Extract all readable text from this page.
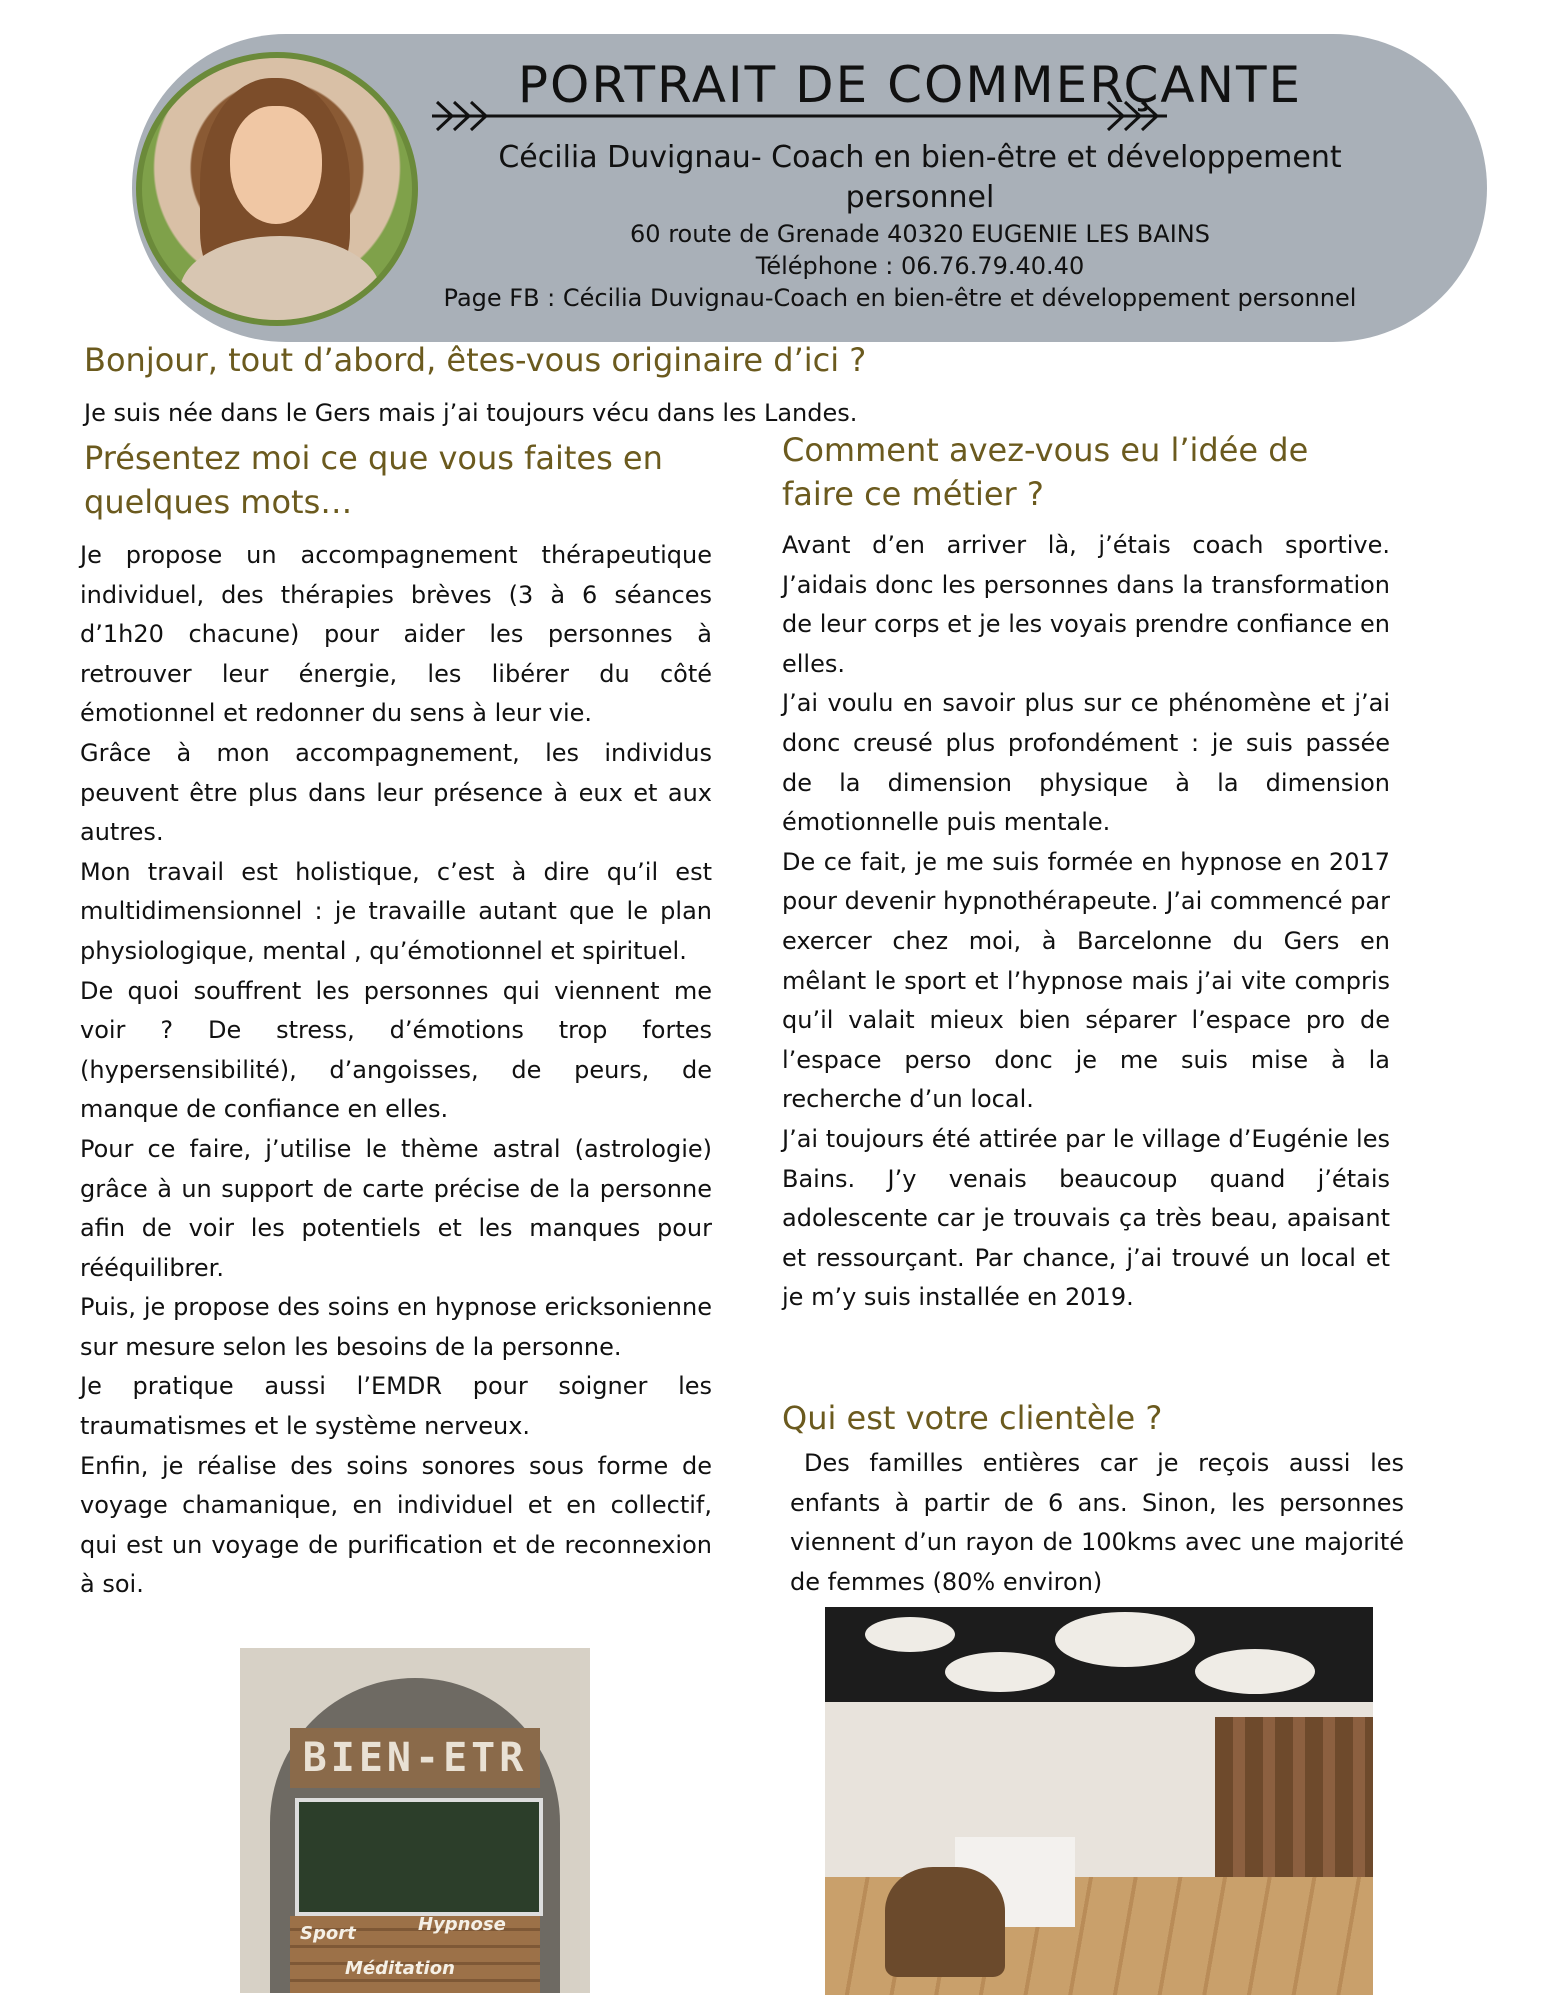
PORTRAIT DE COMMERÇANTE
Cécilia Duvignau- Coach en bien-être et développement personnel
60 route de Grenade 40320 EUGENIE LES BAINS
Téléphone : 06.76.79.40.40
Page FB : Cécilia Duvignau-Coach en bien-être et développement personnel
Bonjour, tout d’abord, êtes-vous originaire d’ici ?
Je suis née dans le Gers mais j’ai toujours vécu dans les Landes.
Présentez moi ce que vous faites en quelques mots…

Je propose un accompagnement thérapeutique individuel, des thérapies brèves (3 à 6 séances d’1h20 chacune) pour aider les personnes à retrouver leur énergie, les libérer du côté émotionnel et redonner du sens à leur vie.

Grâce à mon accompagnement, les individus peuvent être plus dans leur présence à eux et aux autres.

Mon travail est holistique, c’est à dire qu’il est multidimensionnel : je travaille autant que le plan physiologique, mental , qu’émotionnel et spirituel.

De quoi souffrent les personnes qui viennent me voir ? De stress, d’émotions trop fortes (hypersensibilité), d’angoisses, de peurs, de manque de confiance en elles.

Pour ce faire, j’utilise le thème astral (astrologie) grâce à un support de carte précise de la personne afin de voir les potentiels et les manques pour rééquilibrer.

Puis, je propose des soins en hypnose ericksonienne sur mesure selon les besoins de la personne.

Je pratique aussi l’EMDR pour soigner les traumatismes et le système nerveux.

Enfin, je réalise des soins sonores sous forme de voyage chamanique, en individuel et en collectif, qui est un voyage de purification et de reconnexion à soi.

Comment avez-vous eu l’idée de faire ce métier ?

Avant d’en arriver là, j’étais coach sportive. J’aidais donc les personnes dans la transformation de leur corps et je les voyais prendre confiance en elles.

J’ai voulu en savoir plus sur ce phénomène et j’ai donc creusé plus profondément : je suis passée de la dimension physique à la dimension émotionnelle puis mentale.

De ce fait, je me suis formée en hypnose en 2017 pour devenir hypnothérapeute. J’ai commencé par exercer chez moi, à Barcelonne du Gers en mêlant le sport et l’hypnose mais j’ai vite compris qu’il valait mieux bien séparer l’espace pro de l’espace perso donc je me suis mise à la recherche d’un local.

J’ai toujours été attirée par le village d’Eugénie les Bains. J’y venais beaucoup quand j’étais adolescente car je trouvais ça très beau, apaisant et ressourçant. Par chance, j’ai trouvé un local et je m’y suis installée en 2019.

Qui est votre clientèle ?
Des familles entières car je reçois aussi les enfants à partir de 6 ans. Sinon, les personnes viennent d’un rayon de 100kms avec une majorité de femmes (80% environ)
BIEN-ETR
Sport	Hypnose
Méditation
